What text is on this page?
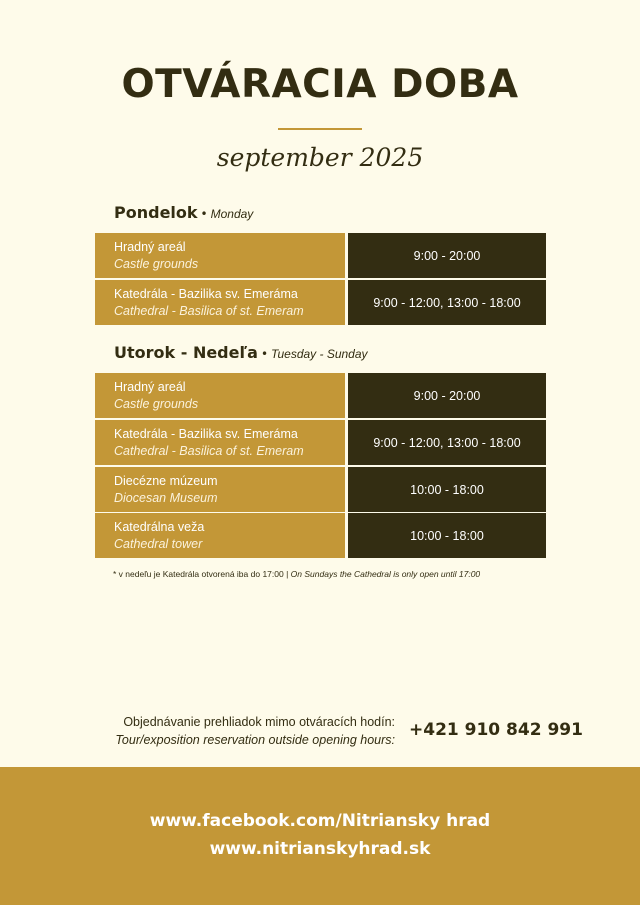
OTVÁRACIA DOBA
september 2025
Pondelok • Monday
Hradný areál
Castle grounds
9:00 - 20:00
Katedrála - Bazilika sv. Emeráma
Cathedral - Basilica of st. Emeram
9:00 - 12:00, 13:00 - 18:00
Utorok - Nedeľa • Tuesday - Sunday
Hradný areál
Castle grounds
9:00 - 20:00
Katedrála - Bazilika sv. Emeráma
Cathedral - Basilica of st. Emeram
9:00 - 12:00, 13:00 - 18:00
Diecézne múzeum
Diocesan Museum
10:00 - 18:00
Katedrálna veža
Cathedral tower
10:00 - 18:00
* v nedeľu je Katedrála otvorená iba do 17:00 | On Sundays the Cathedral is only open until 17:00
Objednávanie prehliadok mimo otváracích hodín:
Tour/exposition reservation outside opening hours: +421 910 842 991
www.facebook.com/Nitriansky hrad
www.nitrianskyhrad.sk
